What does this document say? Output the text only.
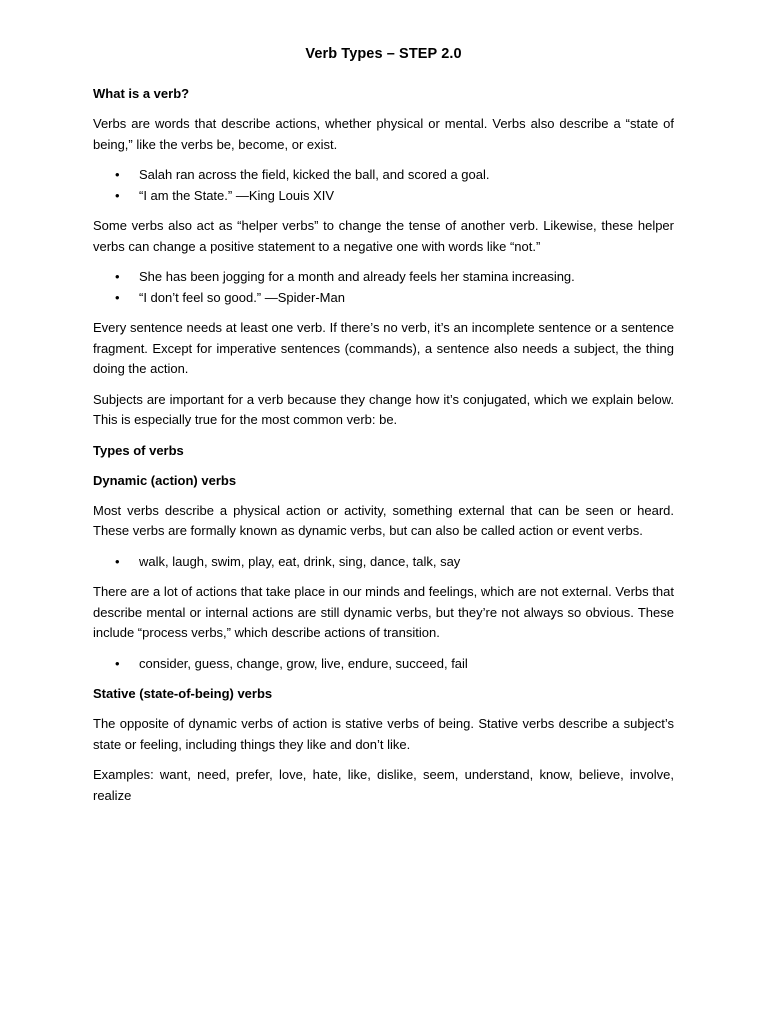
Verb Types – STEP 2.0
What is a verb?

Verbs are words that describe actions, whether physical or mental. Verbs also describe a “state of being,” like the verbs be, become, or exist.

• Salah ran across the field, kicked the ball, and scored a goal.
• “I am the State.” —King Louis XIV

Some verbs also act as “helper verbs” to change the tense of another verb. Likewise, these helper verbs can change a positive statement to a negative one with words like “not.”

• She has been jogging for a month and already feels her stamina increasing.
• “I don’t feel so good.” —Spider-Man

Every sentence needs at least one verb. If there’s no verb, it’s an incomplete sentence or a sentence fragment. Except for imperative sentences (commands), a sentence also needs a subject, the thing doing the action.

Subjects are important for a verb because they change how it’s conjugated, which we explain below. This is especially true for the most common verb: be.

Types of verbs
Dynamic (action) verbs

Most verbs describe a physical action or activity, something external that can be seen or heard. These verbs are formally known as dynamic verbs, but can also be called action or event verbs.

• walk, laugh, swim, play, eat, drink, sing, dance, talk, say

There are a lot of actions that take place in our minds and feelings, which are not external. Verbs that describe mental or internal actions are still dynamic verbs, but they’re not always so obvious. These include “process verbs,” which describe actions of transition.

• consider, guess, change, grow, live, endure, succeed, fail
Stative (state-of-being) verbs

The opposite of dynamic verbs of action is stative verbs of being. Stative verbs describe a subject’s state or feeling, including things they like and don’t like.

Examples: want, need, prefer, love, hate, like, dislike, seem, understand, know, believe, involve, realize
